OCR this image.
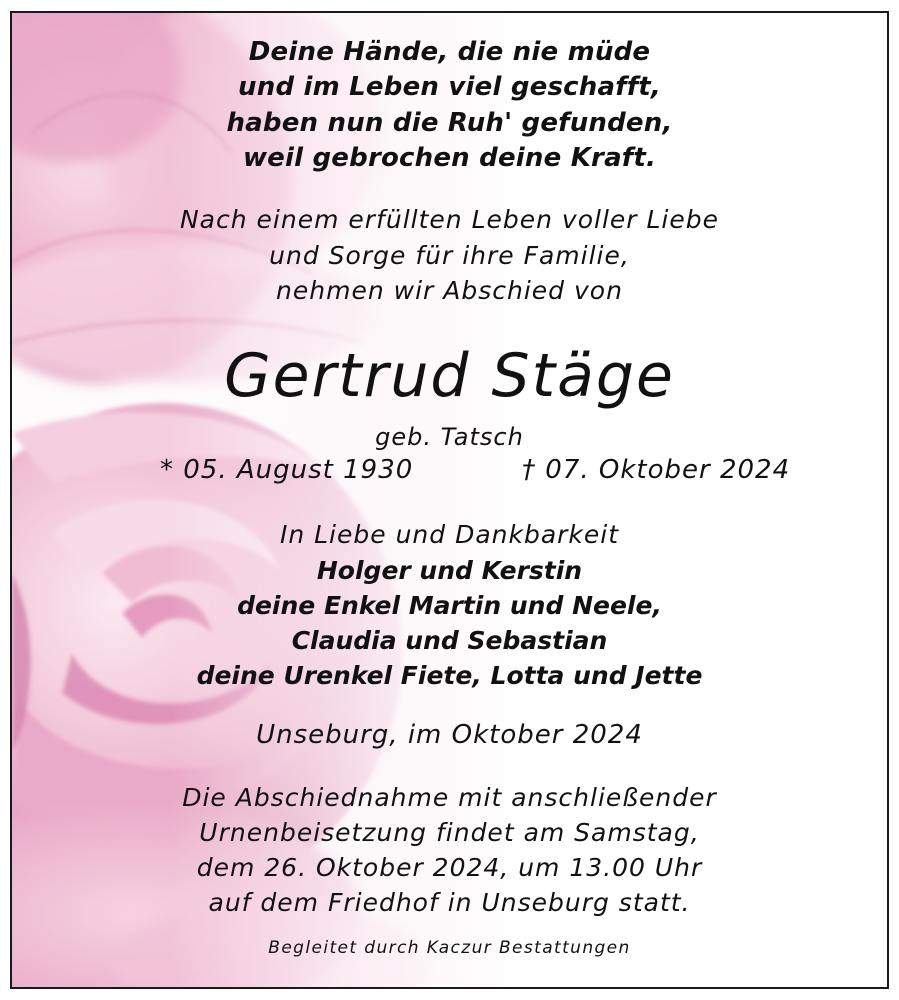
Deine Hände, die nie müde
und im Leben viel geschafft,
haben nun die Ruh' gefunden,
weil gebrochen deine Kraft.
Nach einem erfüllten Leben voller Liebe
und Sorge für ihre Familie,
nehmen wir Abschied von
Gertrud Stäge
geb. Tatsch
* 05. August 1930	† 07. Oktober 2024
In Liebe und Dankbarkeit
Holger und Kerstin
deine Enkel Martin und Neele,
Claudia und Sebastian
deine Urenkel Fiete, Lotta und Jette
Unseburg, im Oktober 2024
Die Abschiednahme mit anschließender
Urnenbeisetzung findet am Samstag,
dem 26. Oktober 2024, um 13.00 Uhr
auf dem Friedhof in Unseburg statt.
Begleitet durch Kaczur Bestattungen
